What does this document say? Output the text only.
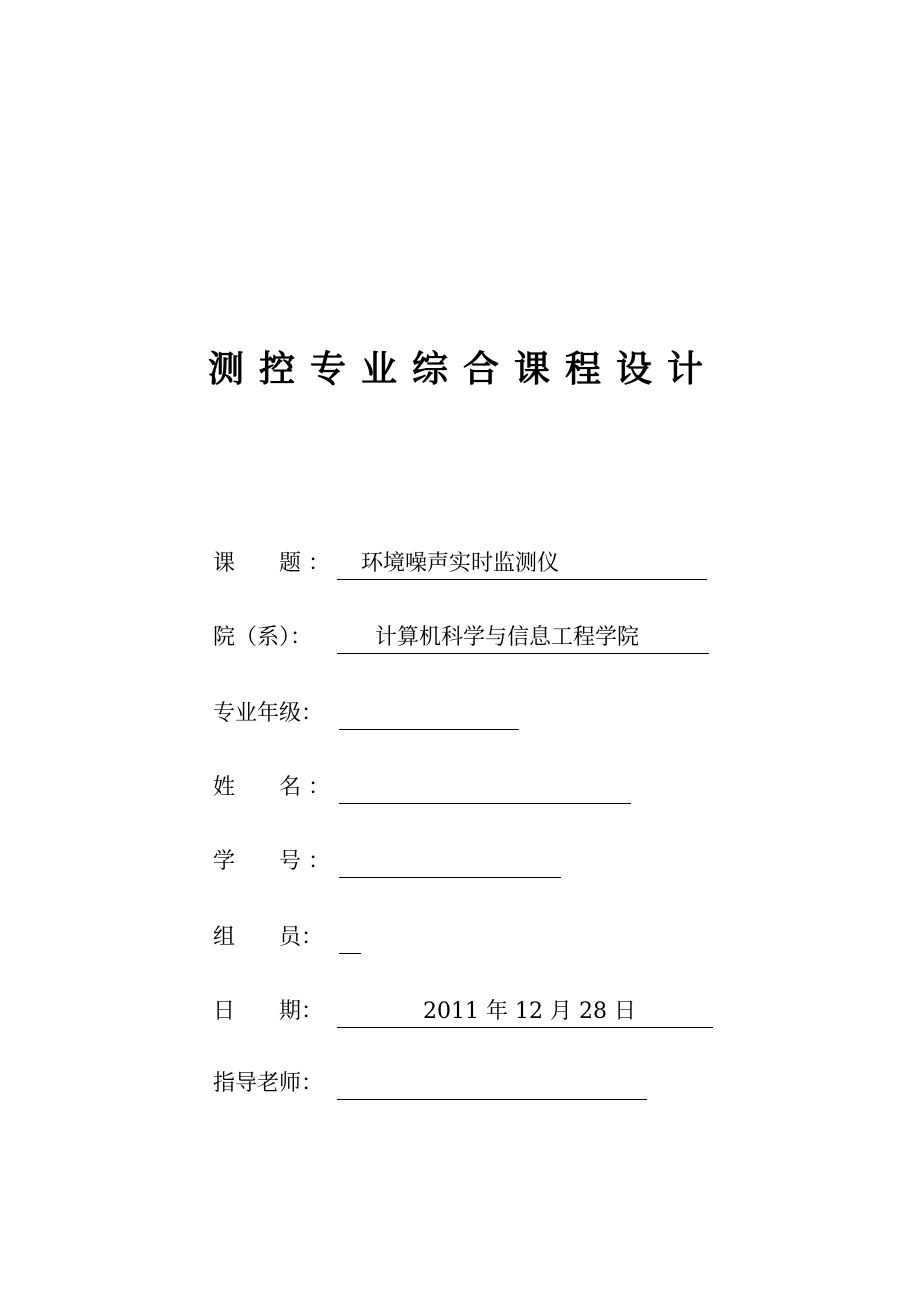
测控专业综合课程设计
课　　题 ： 环境噪声实时监测仪
院（系）：	计算机科学与信息工程学院
专业年级：
姓　　名 ：
学　　号 ：
组　　员：
日　　期：	2011 年 12 月 28 日
指导老师：
